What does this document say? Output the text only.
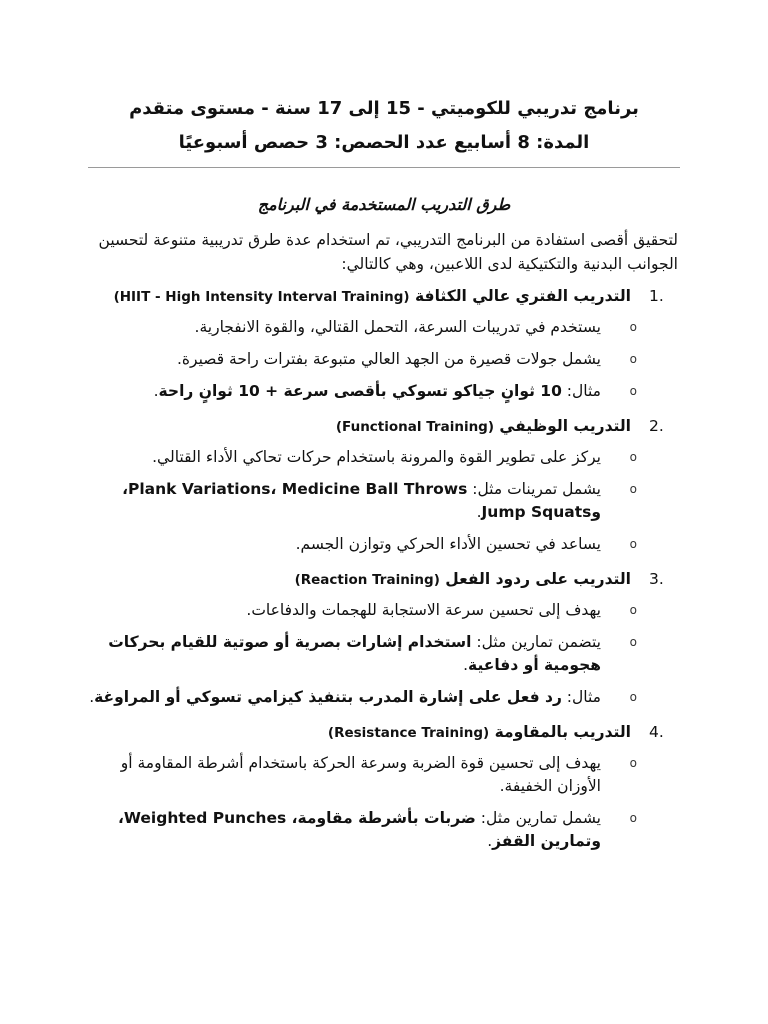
برنامج تدريبي للكوميتي - 15 إلى 17 سنة - مستوى متقدم
المدة: 8 أسابيع عدد الحصص: 3 حصص أسبوعيًا
طرق التدريب المستخدمة في البرنامج
لتحقيق أقصى استفادة من البرنامج التدريبي، تم استخدام عدة طرق تدريبية متنوعة لتحسين الجوانب البدنية والتكتيكية لدى اللاعبين، وهي كالتالي:
1.
التدريب الفتري عالي الكثافة (HIIT - High Intensity Interval Training)
o
يستخدم في تدريبات السرعة، التحمل القتالي، والقوة الانفجارية.
o
يشمل جولات قصيرة من الجهد العالي متبوعة بفترات راحة قصيرة.
o
مثال: 10 ثوانٍ جياكو تسوكي بأقصى سرعة + 10 ثوانٍ راحة.
2.
التدريب الوظيفي (Functional Training)
o
يركز على تطوير القوة والمرونة باستخدام حركات تحاكي الأداء القتالي.
o
يشمل تمرينات مثل: Plank Variations، Medicine Ball Throws، وJump Squats.
o
يساعد في تحسين الأداء الحركي وتوازن الجسم.
3.
التدريب على ردود الفعل (Reaction Training)
o
يهدف إلى تحسين سرعة الاستجابة للهجمات والدفاعات.
o
يتضمن تمارين مثل: استخدام إشارات بصرية أو صوتية للقيام بحركات هجومية أو دفاعية.
o
مثال: رد فعل على إشارة المدرب بتنفيذ كيزامي تسوكي أو المراوغة.
4.
التدريب بالمقاومة (Resistance Training)
o
يهدف إلى تحسين قوة الضربة وسرعة الحركة باستخدام أشرطة المقاومة أو الأوزان الخفيفة.
o
يشمل تمارين مثل: ضربات بأشرطة مقاومة، Weighted Punches، وتمارين القفز.
